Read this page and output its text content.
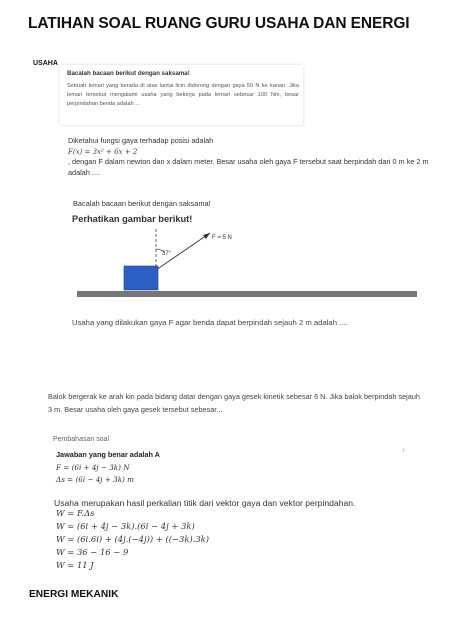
LATIHAN SOAL RUANG GURU USAHA DAN ENERGI
USAHA
Bacalah bacaan berikut dengan saksama!
Sebuah lemari yang berada di atas lantai licin didorong dengan gaya 50 N ke kanan. Jika lemari tersebut mengalami usaha yang bekerja pada lemari sebesar 100 Nm, besar perpindahan benda adalah ...
Diketahui fungsi gaya terhadap posisi adalah
F(x) = 3x² + 6x + 2
, dengan F dalam newton dan x dalam meter. Besar usaha oleh gaya F tersebut saat berpindah dari 0 m ke 2 m adalah ....
Bacalah bacaan berikut dengan saksama!
Perhatikan gambar berikut!
37°
F = 5 N
Usaha yang dilakukan gaya F agar benda dapat berpindah sejauh 2 m adalah ....
Balok bergerak ke arah kiri pada bidang datar dengan gaya gesek kinetik sebesar 6 N. Jika balok berpindah sejauh 3 m. Besar usaha oleh gaya gesek tersebut sebesar...
Pembahasan soal
ı
Jawaban yang benar adalah A
F = (6i + 4j − 3k) N
Δs = (6i − 4j + 3k) m
Usaha merupakan hasil perkalian titik dari vektor gaya dan vektor perpindahan.
W = F.Δs
W = (6i + 4j − 3k).(6i − 4j + 3k)
W = (6i.6i) + (4j.(−4j)) + ((−3k).3k)
W = 36 − 16 − 9
W = 11 J
ENERGI MEKANIK
